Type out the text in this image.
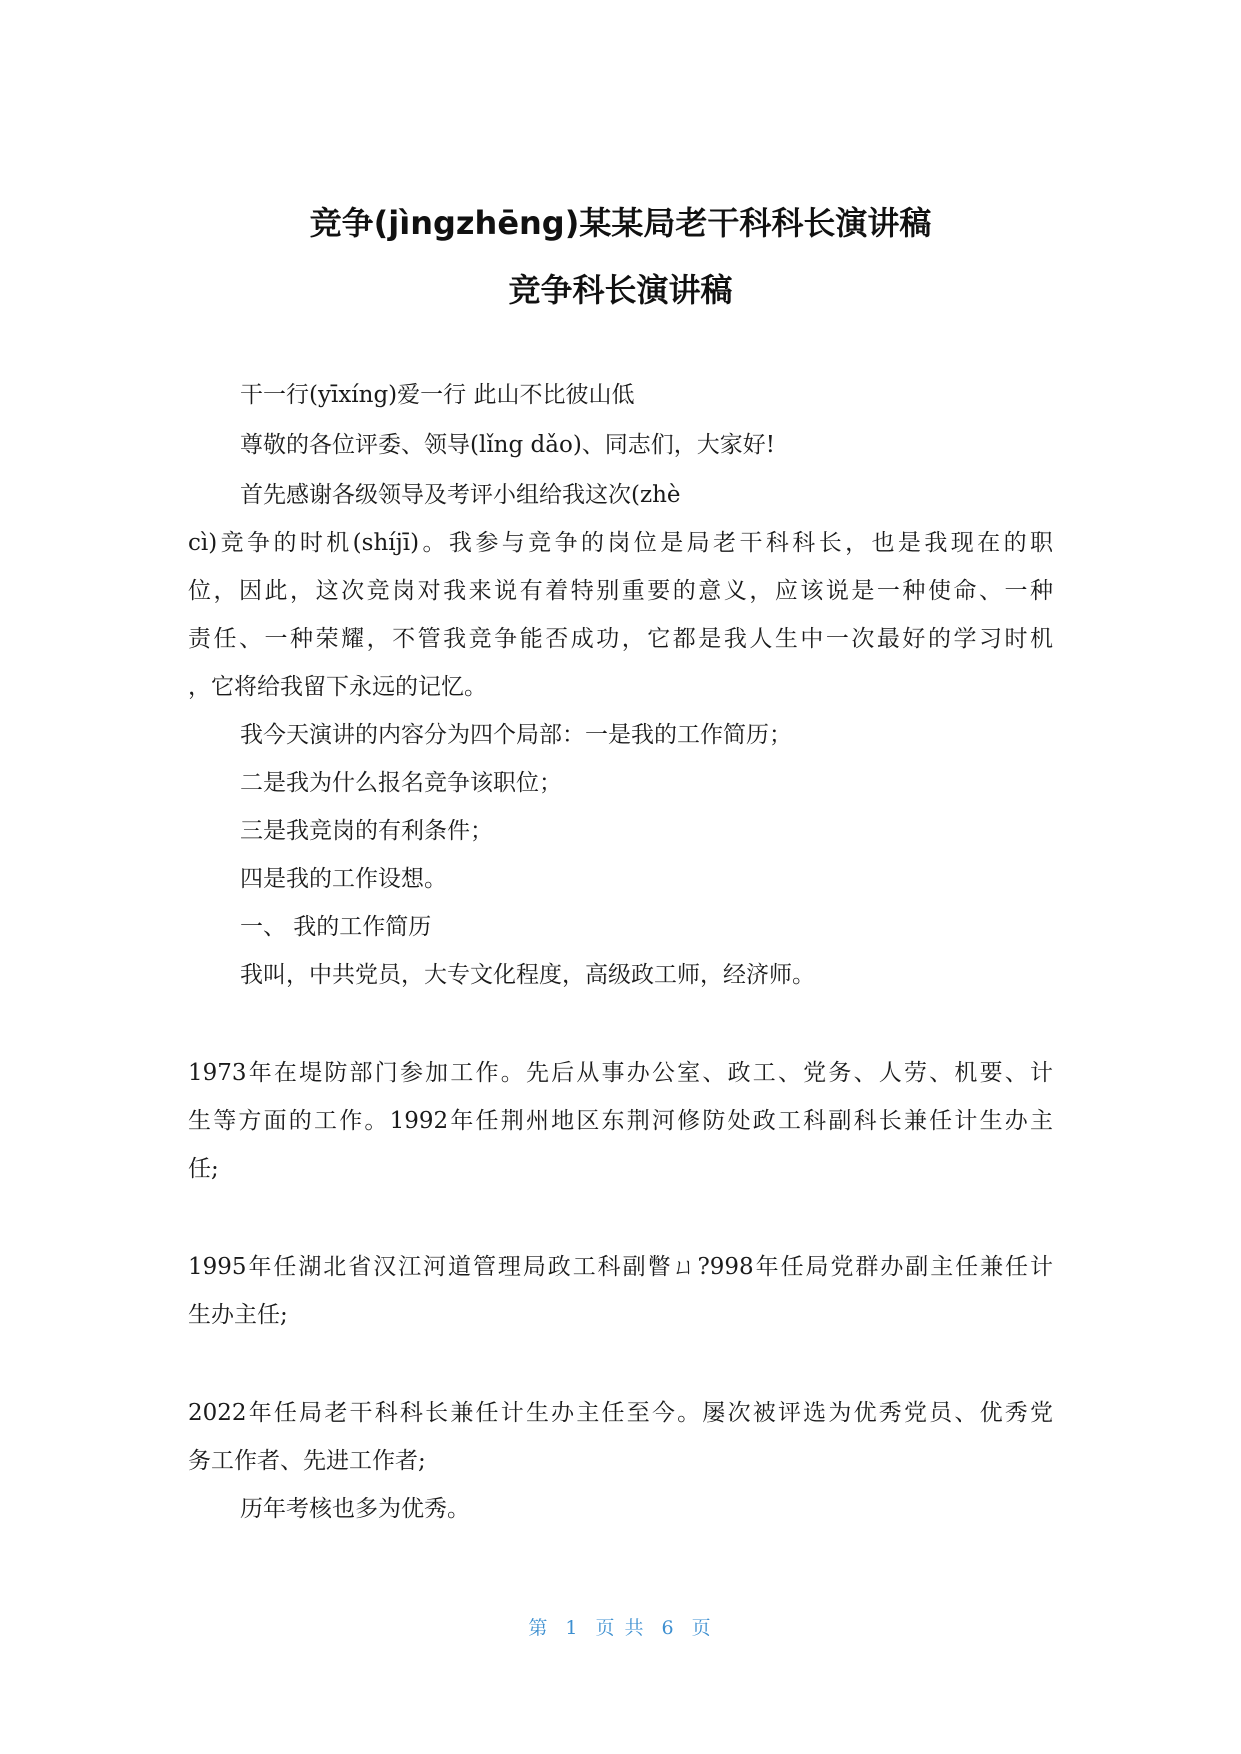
竞争(jìngzhēng)某某局老干科科长演讲稿
竞争科长演讲稿

干一行(yīxíng)爱一行 此山不比彼山低

尊敬的各位评委、领导(lǐng dǎo)、同志们，大家好!

首先感谢各级领导及考评小组给我这次(zhè

cì)竞争的时机(shíjī)。我参与竞争的岗位是局老干科科长，也是我现在的职

位，因此，这次竞岗对我来说有着特别重要的意义，应该说是一种使命、一种

责任、一种荣耀，不管我竞争能否成功，它都是我人生中一次最好的学习时机

，它将给我留下永远的记忆。

我今天演讲的内容分为四个局部：一是我的工作简历；

二是我为什么报名竞争该职位；

三是我竞岗的有利条件；

四是我的工作设想。

一、 我的工作简历

我叫，中共党员，大专文化程度，高级政工师，经济师。

1973年在堤防部门参加工作。先后从事办公室、政工、党务、人劳、机要、计

生等方面的工作。1992年任荆州地区东荆河修防处政工科副科长兼任计生办主

任;

1995年任湖北省汉江河道管理局政工科副瞥ㄩ?998年任局党群办副主任兼任计

生办主任;

2022年任局老干科科长兼任计生办主任至今。屡次被评选为优秀党员、优秀党

务工作者、先进工作者;

历年考核也多为优秀。

第 1 页 共 6 页
